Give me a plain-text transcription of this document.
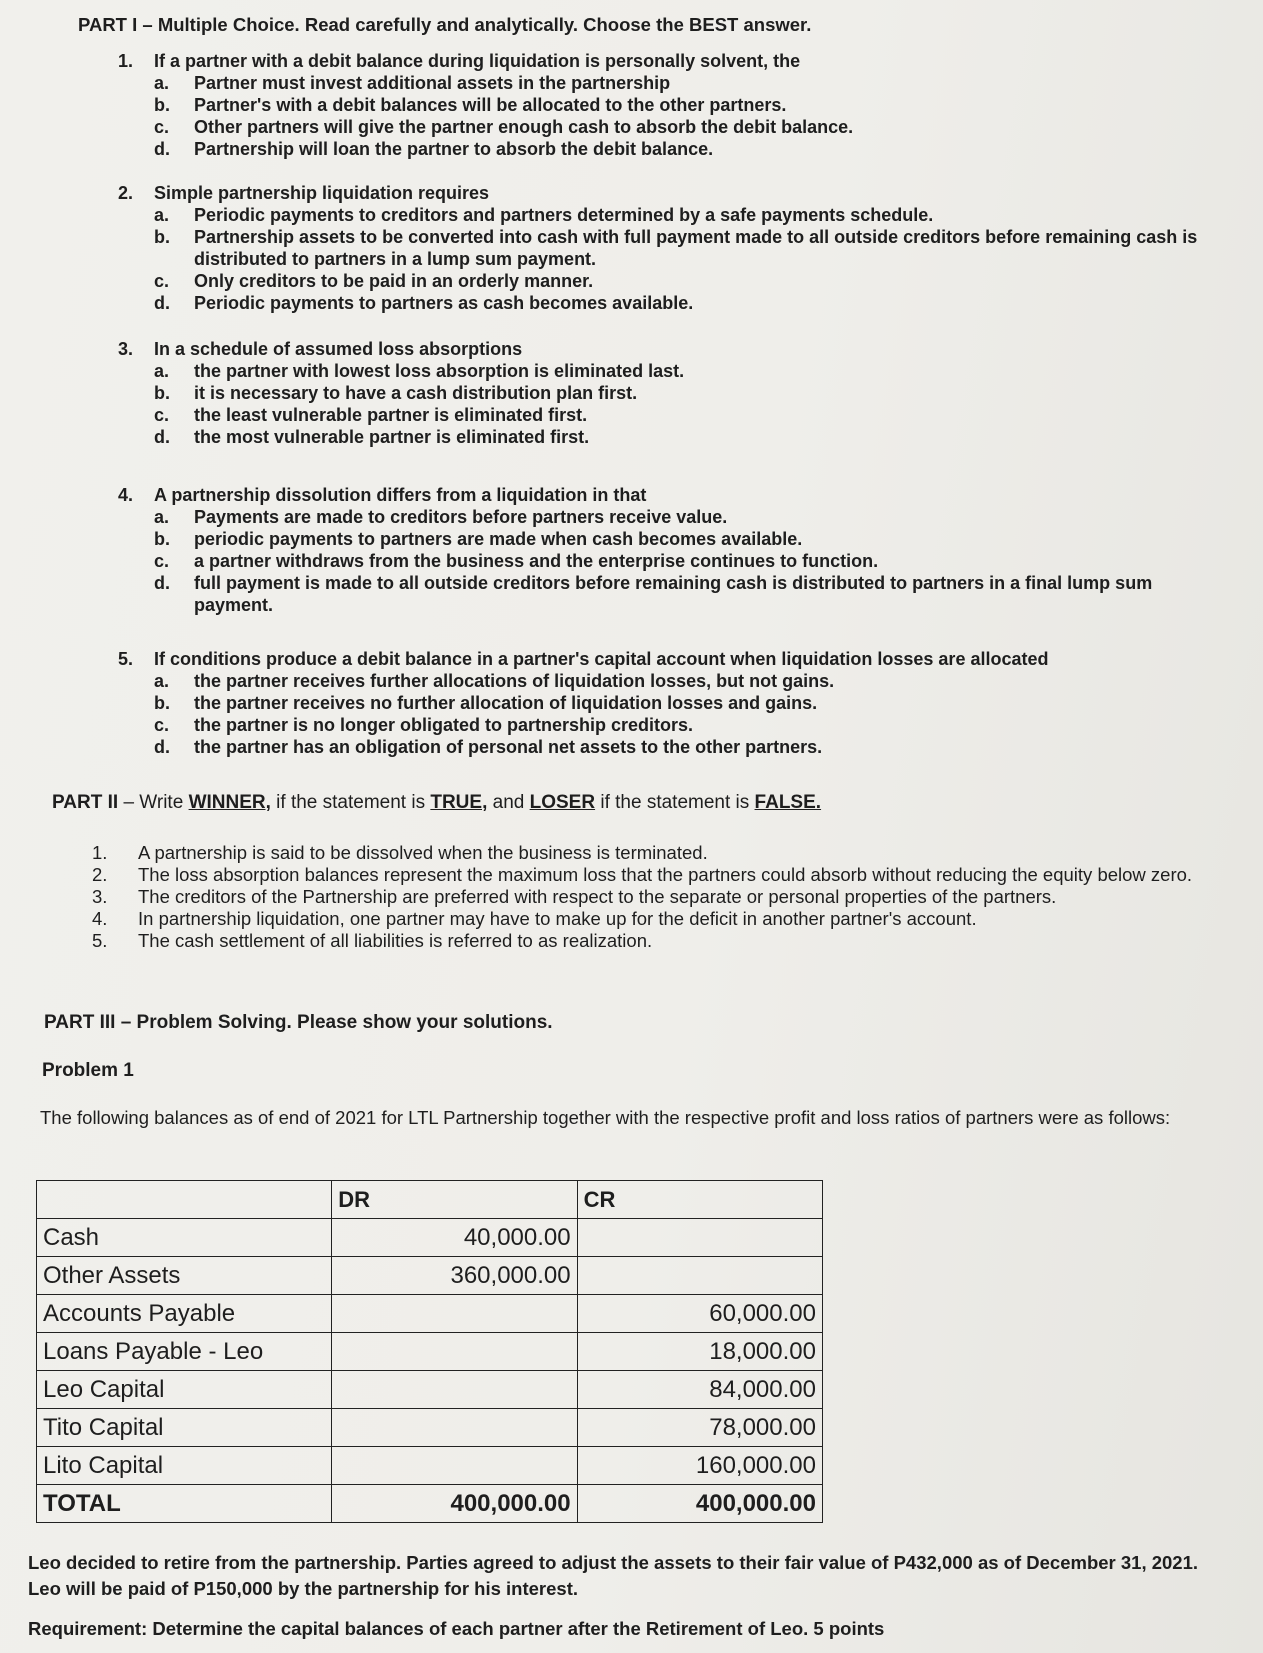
PART I – Multiple Choice. Read carefully and analytically. Choose the BEST answer.
1.	If a partner with a debit balance during liquidation is personally solvent, the
a.	Partner must invest additional assets in the partnership
b.	Partner's with a debit balances will be allocated to the other partners.
c.	Other partners will give the partner enough cash to absorb the debit balance.
d.	Partnership will loan the partner to absorb the debit balance.
2.	Simple partnership liquidation requires
a.	Periodic payments to creditors and partners determined by a safe payments schedule.
b.	Partnership assets to be converted into cash with full payment made to all outside creditors before remaining cash is distributed to partners in a lump sum payment.
c.	Only creditors to be paid in an orderly manner.
d.	Periodic payments to partners as cash becomes available.
3.	In a schedule of assumed loss absorptions
a.	the partner with lowest loss absorption is eliminated last.
b.	it is necessary to have a cash distribution plan first.
c.	the least vulnerable partner is eliminated first.
d.	the most vulnerable partner is eliminated first.
4.	A partnership dissolution differs from a liquidation in that
a.	Payments are made to creditors before partners receive value.
b.	periodic payments to partners are made when cash becomes available.
c.	a partner withdraws from the business and the enterprise continues to function.
d.	full payment is made to all outside creditors before remaining cash is distributed to partners in a final lump sum payment.
5.	If conditions produce a debit balance in a partner's capital account when liquidation losses are allocated
a.	the partner receives further allocations of liquidation losses, but not gains.
b.	the partner receives no further allocation of liquidation losses and gains.
c.	the partner is no longer obligated to partnership creditors.
d.	the partner has an obligation of personal net assets to the other partners.
PART II – Write WINNER, if the statement is TRUE, and LOSER if the statement is FALSE.
1. A partnership is said to be dissolved when the business is terminated.
2. The loss absorption balances represent the maximum loss that the partners could absorb without reducing the equity below zero.
3. The creditors of the Partnership are preferred with respect to the separate or personal properties of the partners.
4. In partnership liquidation, one partner may have to make up for the deficit in another partner's account.
5. The cash settlement of all liabilities is referred to as realization.
PART III – Problem Solving. Please show your solutions.
Problem 1
The following balances as of end of 2021 for LTL Partnership together with the respective profit and loss ratios of partners were as follows:
	DR	CR
Cash	40,000.00	
Other Assets	360,000.00	
Accounts Payable		60,000.00
Loans Payable - Leo		18,000.00
Leo Capital		84,000.00
Tito Capital		78,000.00
Lito Capital		160,000.00
TOTAL	400,000.00	400,000.00
Leo decided to retire from the partnership. Parties agreed to adjust the assets to their fair value of P432,000 as of December 31, 2021. Leo will be paid of P150,000 by the partnership for his interest.
Requirement: Determine the capital balances of each partner after the Retirement of Leo. 5 points
